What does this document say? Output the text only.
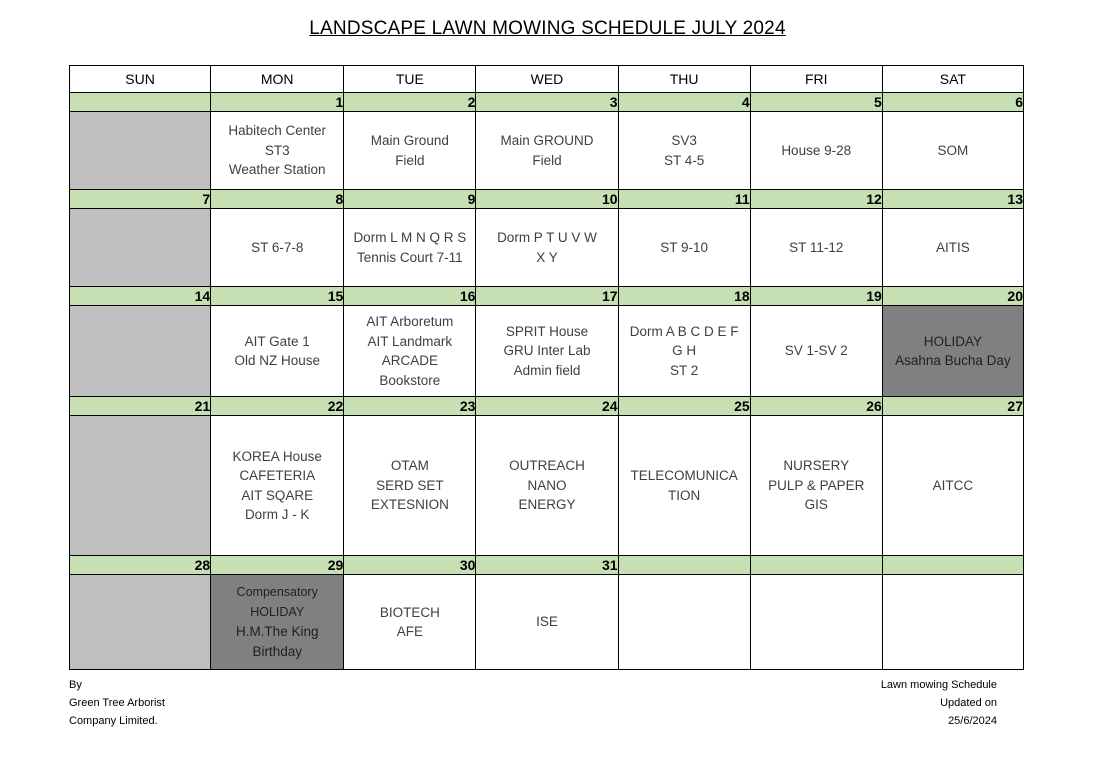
LANDSCAPE LAWN MOWING SCHEDULE JULY 2024
SUN	MON	TUE	WED	THU	FRI	SAT
	1	2	3	4	5	6

	Habitech Center
ST3
Weather Station	Main Ground
Field	Main GROUND
Field	SV3
ST 4-5	House 9-28	SOM

7	8	9	10	11	12	13

	ST 6-7-8	Dorm L M N Q R S
Tennis Court 7-11	Dorm P T U V W
X Y	ST 9-10	ST 11-12	AITIS

14	15	16	17	18	19	20

	AIT Gate 1
Old NZ House	AIT Arboretum
AIT Landmark
ARCADE
Bookstore	SPRIT House
GRU Inter Lab
Admin field	Dorm A B C D E F
G H
ST 2	SV 1-SV 2	HOLIDAY
Asahna Bucha Day

21	22	23	24	25	26	27

	KOREA House
CAFETERIA
AIT SQARE
Dorm J - K	OTAM
SERD SET
EXTESNION	OUTREACH
NANO
ENERGY	TELECOMUNICA
TION	NURSERY
PULP & PAPER
GIS	AITCC

28	29	30	31			

	Compensatory
HOLIDAY
H.M.The King
Birthday	BIOTECH
AFE	ISE			

By
Green Tree Arborist
Company Limited.
Lawn mowing Schedule
Updated on
25/6/2024
